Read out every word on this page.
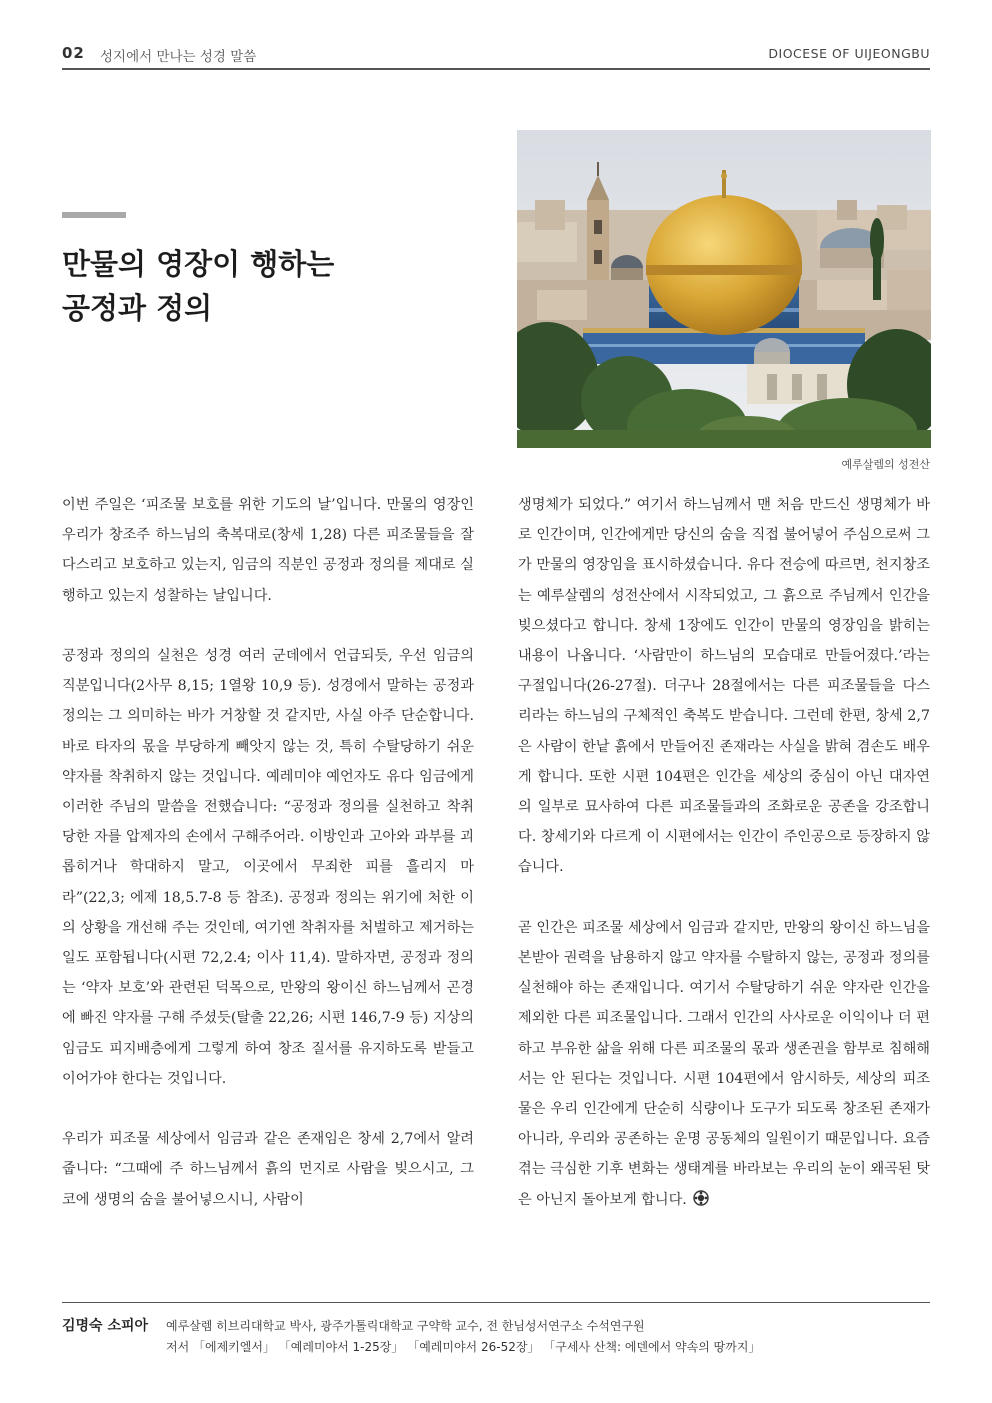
02 성지에서 만나는 성경 말씀	DIOCESE OF UIJEONGBU
만물의 영장이 행하는
공정과 정의
예루살렘의 성전산

이번 주일은 ‘피조물 보호를 위한 기도의 날’입니다. 만물의 영장인 우리가 창조주 하느님의 축복대로(창세 1,28) 다른 피조물들을 잘 다스리고 보호하고 있는지, 임금의 직분인 공정과 정의를 제대로 실행하고 있는지 성찰하는 날입니다.

공정과 정의의 실천은 성경 여러 군데에서 언급되듯, 우선 임금의 직분입니다(2사무 8,15; 1열왕 10,9 등). 성경에서 말하는 공정과 정의는 그 의미하는 바가 거창할 것 같지만, 사실 아주 단순합니다. 바로 타자의 몫을 부당하게 빼앗지 않는 것, 특히 수탈당하기 쉬운 약자를 착취하지 않는 것입니다. 예레미야 예언자도 유다 임금에게 이러한 주님의 말씀을 전했습니다: “공정과 정의를 실천하고 착취당한 자를 압제자의 손에서 구해주어라. 이방인과 고아와 과부를 괴롭히거나 학대하지 말고, 이곳에서 무죄한 피를 흘리지 마라”(22,3; 에제 18,5.7-8 등 참조). 공정과 정의는 위기에 처한 이의 상황을 개선해 주는 것인데, 여기엔 착취자를 처벌하고 제거하는 일도 포함됩니다(시편 72,2.4; 이사 11,4). 말하자면, 공정과 정의는 ‘약자 보호’와 관련된 덕목으로, 만왕의 왕이신 하느님께서 곤경에 빠진 약자를 구해 주셨듯(탈출 22,26; 시편 146,7-9 등) 지상의 임금도 피지배층에게 그렇게 하여 창조 질서를 유지하도록 받들고 이어가야 한다는 것입니다.

우리가 피조물 세상에서 임금과 같은 존재임은 창세 2,7에서 알려줍니다: “그때에 주 하느님께서 흙의 먼지로 사람을 빚으시고, 그 코에 생명의 숨을 불어넣으시니, 사람이

생명체가 되었다.” 여기서 하느님께서 맨 처음 만드신 생명체가 바로 인간이며, 인간에게만 당신의 숨을 직접 불어넣어 주심으로써 그가 만물의 영장임을 표시하셨습니다. 유다 전승에 따르면, 천지창조는 예루살렘의 성전산에서 시작되었고, 그 흙으로 주님께서 인간을 빚으셨다고 합니다. 창세 1장에도 인간이 만물의 영장임을 밝히는 내용이 나옵니다. ‘사람만이 하느님의 모습대로 만들어졌다.’라는 구절입니다(26-27절). 더구나 28절에서는 다른 피조물들을 다스리라는 하느님의 구체적인 축복도 받습니다. 그런데 한편, 창세 2,7은 사람이 한낱 흙에서 만들어진 존재라는 사실을 밝혀 겸손도 배우게 합니다. 또한 시편 104편은 인간을 세상의 중심이 아닌 대자연의 일부로 묘사하여 다른 피조물들과의 조화로운 공존을 강조합니다. 창세기와 다르게 이 시편에서는 인간이 주인공으로 등장하지 않습니다.

곧 인간은 피조물 세상에서 임금과 같지만, 만왕의 왕이신 하느님을 본받아 권력을 남용하지 않고 약자를 수탈하지 않는, 공정과 정의를 실천해야 하는 존재입니다. 여기서 수탈당하기 쉬운 약자란 인간을 제외한 다른 피조물입니다. 그래서 인간의 사사로운 이익이나 더 편하고 부유한 삶을 위해 다른 피조물의 몫과 생존권을 함부로 침해해서는 안 된다는 것입니다. 시편 104편에서 암시하듯, 세상의 피조물은 우리 인간에게 단순히 식량이나 도구가 되도록 창조된 존재가 아니라, 우리와 공존하는 운명 공동체의 일원이기 때문입니다. 요즘 겪는 극심한 기후 변화는 생태계를 바라보는 우리의 눈이 왜곡된 탓은 아닌지 돌아보게 합니다.

김명숙 소피아 예루살렘 히브리대학교 박사, 광주가톨릭대학교 구약학 교수, 전 한님성서연구소 수석연구원
저서 「에제키엘서」 「예레미야서 1-25장」 「예레미야서 26-52장」 「구세사 산책: 에덴에서 약속의 땅까지」
